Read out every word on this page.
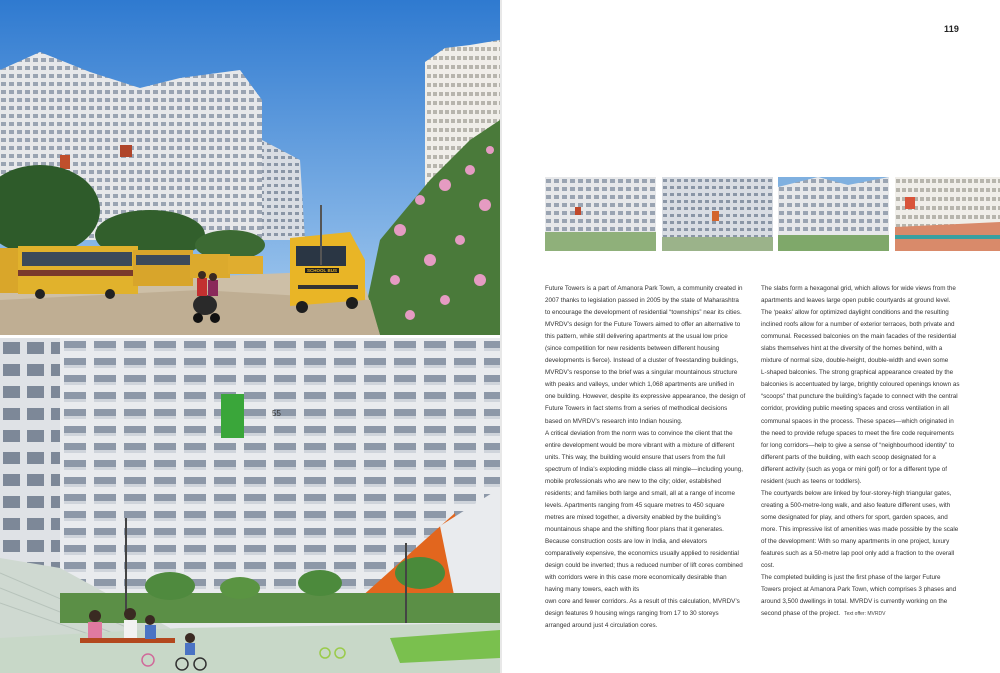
SCHOOL BUS
55
119

Future Towers is a part of Amanora Park Town, a community created in

2007 thanks to legislation passed in 2005 by the state of Maharashtra

to encourage the development of residential “townships” near its cities.

MVRDV’s design for the Future Towers aimed to offer an alternative to

this pattern, while still delivering apartments at the usual low price

(since competition for new residents between different housing

developments is fierce). Instead of a cluster of freestanding buildings,

MVRDV’s response to the brief was a singular mountainous structure

with peaks and valleys, under which 1,068 apartments are unified in

one building. However, despite its expressive appearance, the design of

Future Towers in fact stems from a series of methodical decisions

based on MVRDV’s research into Indian housing.

A critical deviation from the norm was to convince the client that the

entire development would be more vibrant with a mixture of different

units. This way, the building would ensure that users from the full

spectrum of India’s exploding middle class all mingle—including young,

mobile professionals who are new to the city; older, established

residents; and families both large and small, all at a range of income

levels. Apartments ranging from 45 square metres to 450 square

metres are mixed together, a diversity enabled by the building’s

mountainous shape and the shifting floor plans that it generates.

Because construction costs are low in India, and elevators

comparatively expensive, the economics usually applied to residential

design could be inverted; thus a reduced number of lift cores combined

with corridors were in this case more economically desirable than

having many towers, each with its

own core and fewer corridors. As a result of this calculation, MVRDV’s

design features 9 housing wings ranging from 17 to 30 storeys

arranged around just 4 circulation cores.

The slabs form a hexagonal grid, which allows for wide views from the

apartments and leaves large open public courtyards at ground level.

The ‘peaks’ allow for optimized daylight conditions and the resulting

inclined roofs allow for a number of exterior terraces, both private and

communal. Recessed balconies on the main facades of the residential

slabs themselves hint at the diversity of the homes behind, with a

mixture of normal size, double-height, double-width and even some

L-shaped balconies. The strong graphical appearance created by the

balconies is accentuated by large, brightly coloured openings known as

“scoops” that puncture the building’s façade to connect with the central

corridor, providing public meeting spaces and cross ventilation in all

communal spaces in the process. These spaces—which originated in

the need to provide refuge spaces to meet the fire code requirements

for long corridors—help to give a sense of “neighbourhood identity” to

different parts of the building, with each scoop designated for a

different activity (such as yoga or mini golf) or for a different type of

resident (such as teens or toddlers).

The courtyards below are linked by four-storey-high triangular gates,

creating a 500-metre-long walk, and also feature different uses, with

some designated for play, and others for sport, garden spaces, and

more. This impressive list of amenities was made possible by the scale

of the development: With so many apartments in one project, luxury

features such as a 50-metre lap pool only add a fraction to the overall

cost.

The completed building is just the first phase of the larger Future

Towers project at Amanora Park Town, which comprises 3 phases and

around 3,500 dwellings in total. MVRDV is currently working on the

second phase of the project. Text offer: MVRDV
